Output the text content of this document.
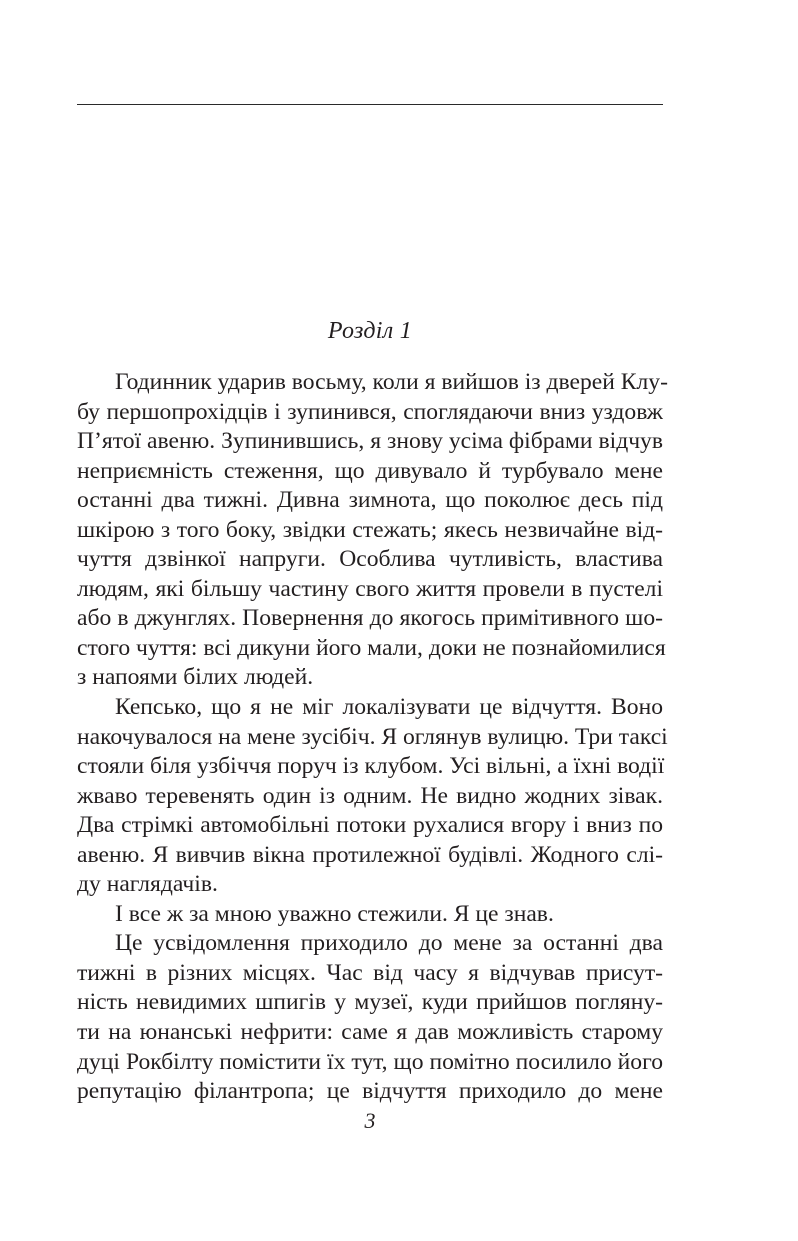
Розділ 1
Годинник ударив восьму, коли я вийшов із дверей Клу-
бу першопрохідців і зупинився, споглядаючи вниз уздовж
П’ятої авеню. Зупинившись, я знову усіма фібрами відчув
неприємність стеження, що дивувало й турбувало мене
останні два тижні. Дивна зимнота, що поколює десь під
шкірою з того боку, звідки стежать; якесь незвичайне від-
чуття дзвінкої напруги. Особлива чутливість, властива
людям, які більшу частину свого життя провели в пустелі
або в джунглях. Повернення до якогось примітивного шо-
стого чуття: всі дикуни його мали, доки не познайомилися
з напоями білих людей.
Кепсько, що я не міг локалізувати це відчуття. Воно
накочувалося на мене зусібіч. Я оглянув вулицю. Три таксі
стояли біля узбіччя поруч із клубом. Усі вільні, а їхні водії
жваво теревенять один із одним. Не видно жодних зівак.
Два стрімкі автомобільні потоки рухалися вгору і вниз по
авеню. Я вивчив вікна протилежної будівлі. Жодного слі-
ду наглядачів.
І все ж за мною уважно стежили. Я це знав.
Це усвідомлення приходило до мене за останні два
тижні в різних місцях. Час від часу я відчував присут-
ність невидимих шпигів у музеї, куди прийшов погляну-
ти на юнанські нефрити: саме я дав можливість старому
дуці Рокбілту помістити їх тут, що помітно посилило його
репутацію філантропа; це відчуття приходило до мене
3
